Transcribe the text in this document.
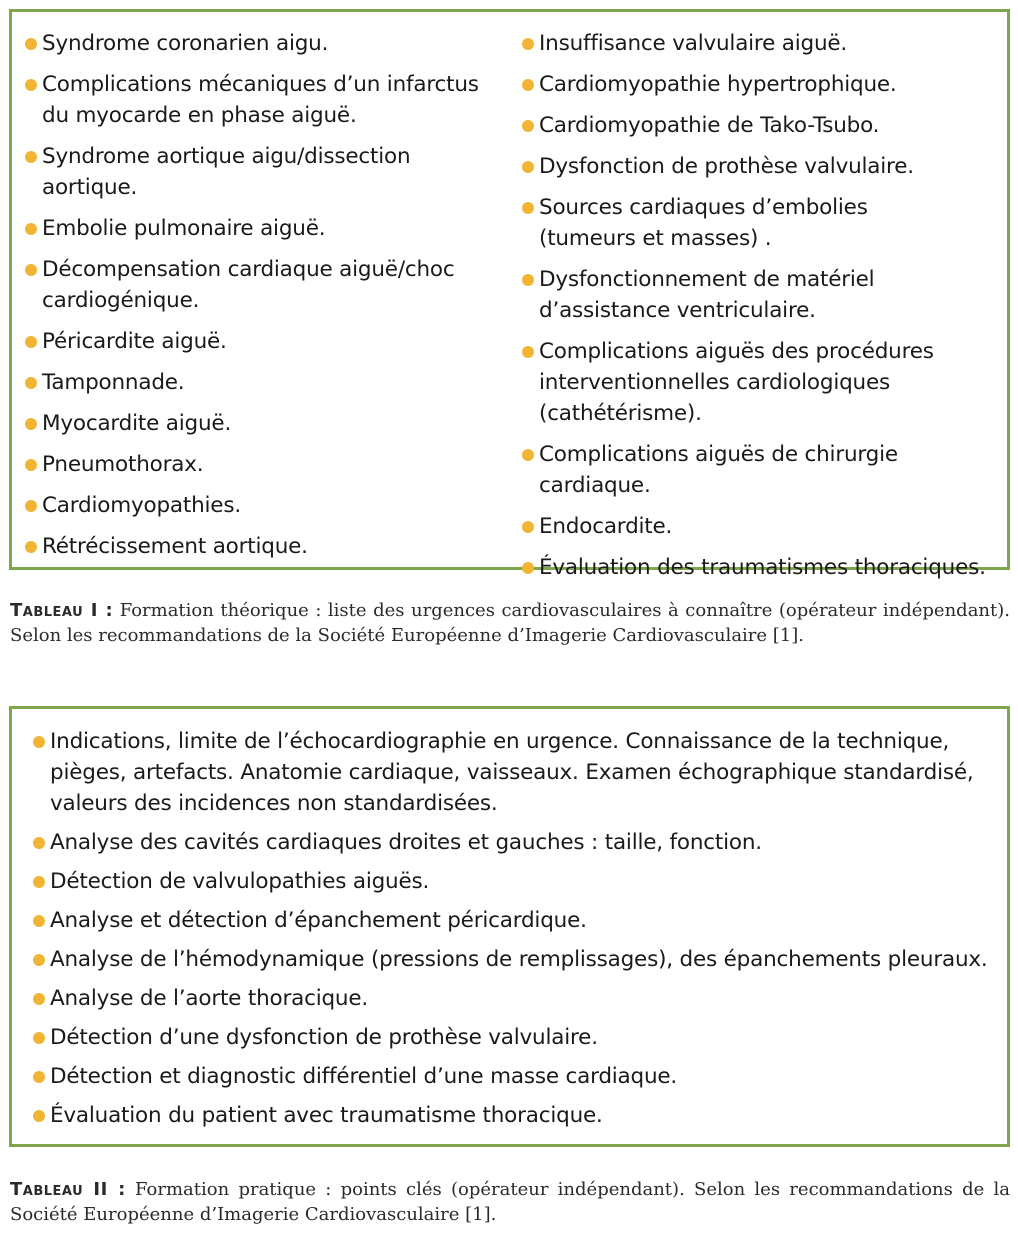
Syndrome coronarien aigu.
Complications mécaniques d’un infarctus
du myocarde en phase aiguë.
Syndrome aortique aigu/dissection
aortique.
Embolie pulmonaire aiguë.
Décompensation cardiaque aiguë/choc
cardiogénique.
Péricardite aiguë.
Tamponnade.
Myocardite aiguë.
Pneumothorax.
Cardiomyopathies.
Rétrécissement aortique.
Insuffisance valvulaire aiguë.
Cardiomyopathie hypertrophique.
Cardiomyopathie de Tako-Tsubo.
Dysfonction de prothèse valvulaire.
Sources cardiaques d’embolies
(tumeurs et masses) .
Dysfonctionnement de matériel
d’assistance ventriculaire.
Complications aiguës des procédures
interventionnelles cardiologiques
(cathétérisme).
Complications aiguës de chirurgie
cardiaque.
Endocardite.
Évaluation des traumatismes thoraciques.
Tableau I : Formation théorique : liste des urgences cardiovasculaires à connaître (opérateur indépendant). Selon les recommandations de la Société Européenne d’Imagerie Cardiovasculaire [1].
Indications, limite de l’échocardiographie en urgence. Connaissance de la technique,
pièges, artefacts. Anatomie cardiaque, vaisseaux. Examen échographique standardisé,
valeurs des incidences non standardisées.
Analyse des cavités cardiaques droites et gauches : taille, fonction.
Détection de valvulopathies aiguës.
Analyse et détection d’épanchement péricardique.
Analyse de l’hémodynamique (pressions de remplissages), des épanchements pleuraux.
Analyse de l’aorte thoracique.
Détection d’une dysfonction de prothèse valvulaire.
Détection et diagnostic différentiel d’une masse cardiaque.
Évaluation du patient avec traumatisme thoracique.
Tableau II : Formation pratique : points clés (opérateur indépendant). Selon les recommandations de la Société Européenne d’Imagerie Cardiovasculaire [1].
